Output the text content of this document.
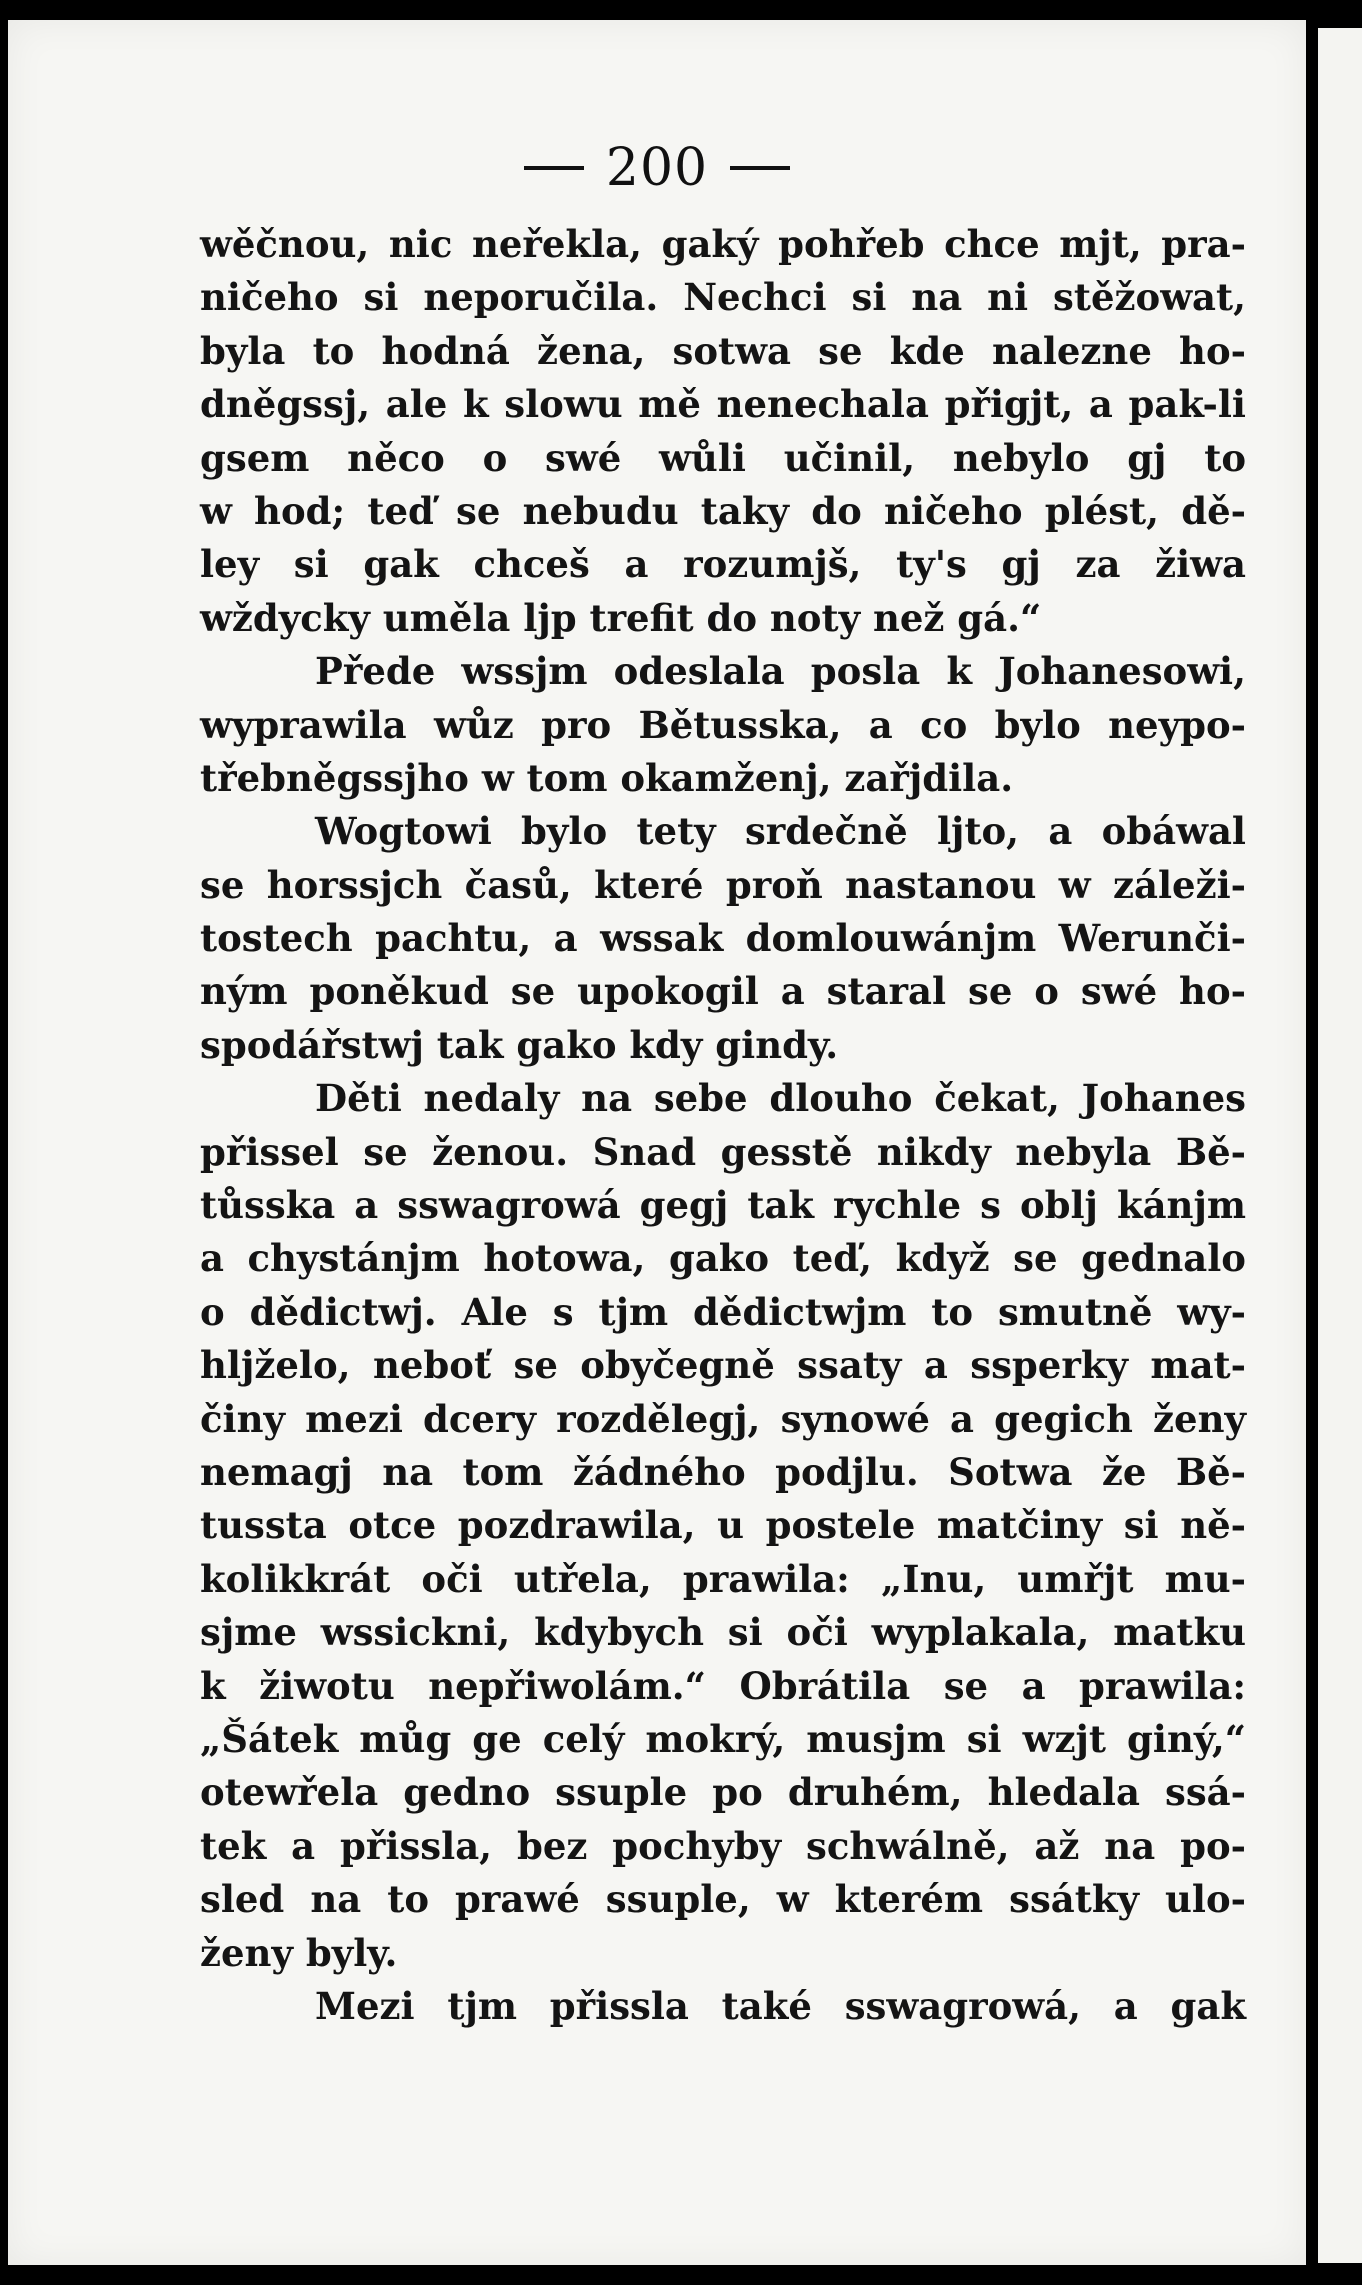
200
wěčnou, nic neřekla, gaký pohřeb chce mjt, pra-
ničeho si neporučila. Nechci si na ni stěžowat,
byla to hodná žena, sotwa se kde nalezne ho-
dněgssj, ale k slowu mě nenechala přigjt, a pak-li
gsem něco o swé wůli učinil, nebylo gj to
w hod; teď se nebudu taky do ničeho plést, dě-
ley si gak chceš a rozumjš, ty's gj za žiwa
wždycky uměla ljp trefit do noty než gá.“
Přede wssjm odeslala posla k Johanesowi,
wyprawila wůz pro Bětusska, a co bylo neypo-
třebněgssjho w tom okamženj, zařjdila.
Wogtowi bylo tety srdečně ljto, a obáwal
se horssjch časů, které proň nastanou w záleži-
tostech pachtu, a wssak domlouwánjm Werunči-
ným poněkud se upokogil a staral se o swé ho-
spodářstwj tak gako kdy gindy.
Děti nedaly na sebe dlouho čekat, Johanes
přissel se ženou. Snad gesstě nikdy nebyla Bě-
tůsska a sswagrowá gegj tak rychle s oblj kánjm
a chystánjm hotowa, gako teď, když se gednalo
o dědictwj. Ale s tjm dědictwjm to smutně wy-
hljželo, neboť se obyčegně ssaty a ssperky mat-
činy mezi dcery rozdělegj, synowé a gegich ženy
nemagj na tom žádného podjlu. Sotwa že Bě-
tussta otce pozdrawila, u postele matčiny si ně-
kolikkrát oči utřela, prawila: „Inu, umřjt mu-
sjme wssickni, kdybych si oči wyplakala, matku
k žiwotu nepřiwolám.“ Obrátila se a prawila:
„Šátek můg ge celý mokrý, musjm si wzjt giný,“
otewřela gedno ssuple po druhém, hledala ssá-
tek a přissla, bez pochyby schwálně, až na po-
sled na to prawé ssuple, w kterém ssátky ulo-
ženy byly.
Mezi tjm přissla také sswagrowá, a gak
